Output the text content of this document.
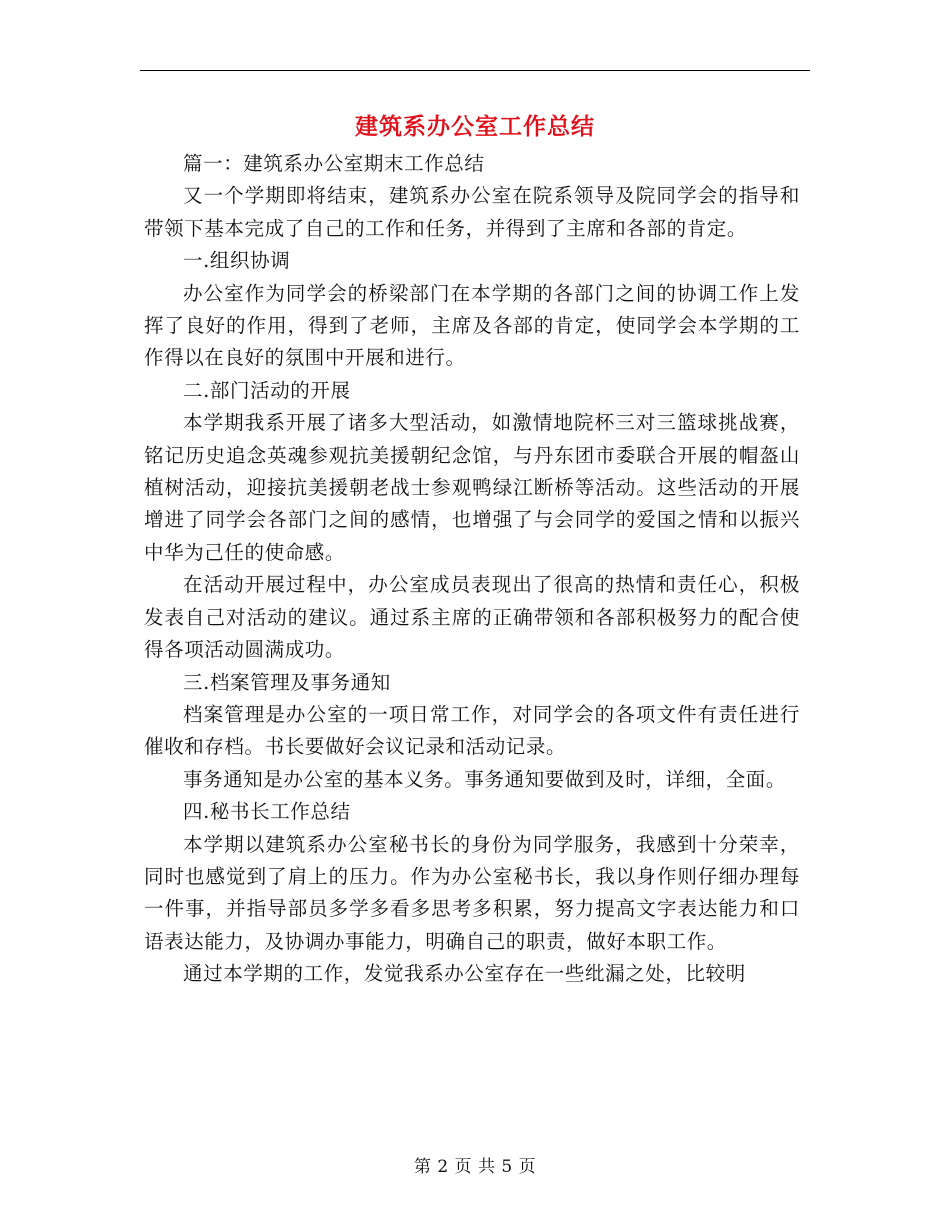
建筑系办公室工作总结

篇一：建筑系办公室期末工作总结

又一个学期即将结束，建筑系办公室在院系领导及院同学会的指导和带领下基本完成了自己的工作和任务，并得到了主席和各部的肯定。

一.组织协调

办公室作为同学会的桥梁部门在本学期的各部门之间的协调工作上发挥了良好的作用，得到了老师，主席及各部的肯定，使同学会本学期的工作得以在良好的氛围中开展和进行。

二.部门活动的开展

本学期我系开展了诸多大型活动，如激情地院杯三对三篮球挑战赛，铭记历史追念英魂参观抗美援朝纪念馆，与丹东团市委联合开展的帽盔山植树活动，迎接抗美援朝老战士参观鸭绿江断桥等活动。这些活动的开展增进了同学会各部门之间的感情，也增强了与会同学的爱国之情和以振兴中华为己任的使命感。

在活动开展过程中，办公室成员表现出了很高的热情和责任心，积极发表自己对活动的建议。通过系主席的正确带领和各部积极努力的配合使得各项活动圆满成功。

三.档案管理及事务通知

档案管理是办公室的一项日常工作，对同学会的各项文件有责任进行催收和存档。书长要做好会议记录和活动记录。

事务通知是办公室的基本义务。事务通知要做到及时，详细，全面。

四.秘书长工作总结

本学期以建筑系办公室秘书长的身份为同学服务，我感到十分荣幸，同时也感觉到了肩上的压力。作为办公室秘书长，我以身作则仔细办理每一件事，并指导部员多学多看多思考多积累，努力提高文字表达能力和口语表达能力，及协调办事能力，明确自己的职责，做好本职工作。

通过本学期的工作，发觉我系办公室存在一些纰漏之处，比较明

第 2 页 共 5 页
